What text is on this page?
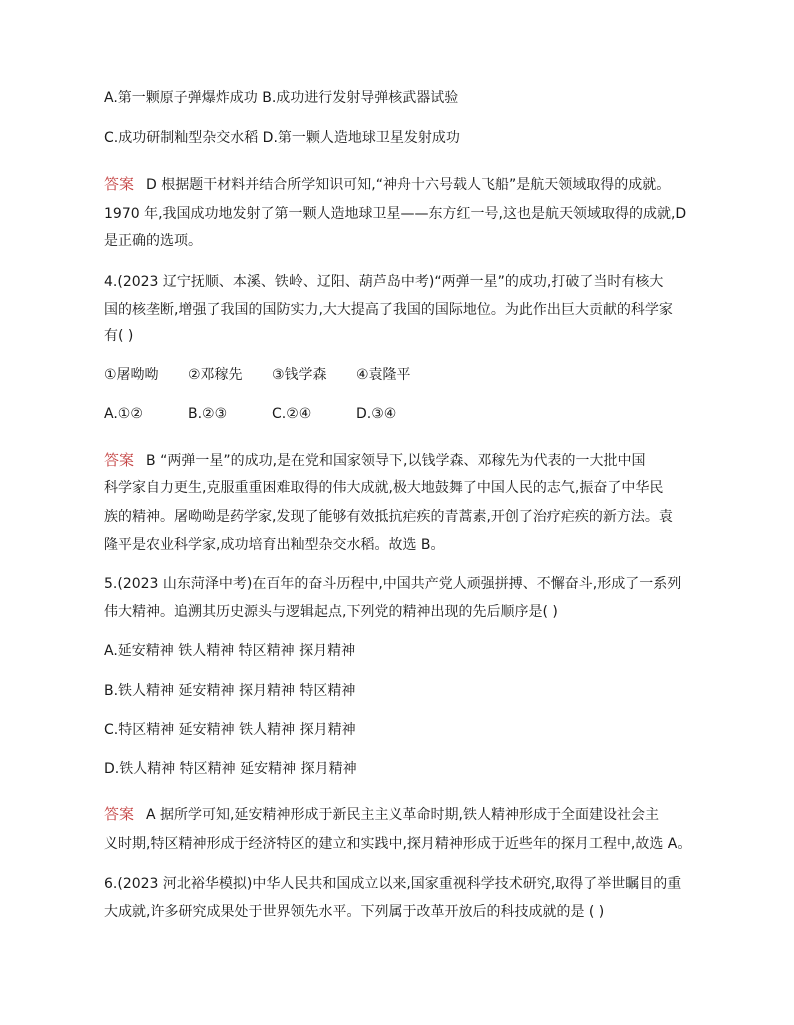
A.第一颗原子弹爆炸成功 B.成功进行发射导弹核武器试验
C.成功研制籼型杂交水稻 D.第一颗人造地球卫星发射成功
答案 D 根据题干材料并结合所学知识可知,“神舟十六号载人飞船”是航天领域取得的成就。
1970 年,我国成功地发射了第一颗人造地球卫星——东方红一号,这也是航天领域取得的成就,D
是正确的选项。
4.(2023 辽宁抚顺、本溪、铁岭、辽阳、葫芦岛中考)“两弹一星”的成功,打破了当时有核大
国的核垄断,增强了我国的国防实力,大大提高了我国的国际地位。为此作出巨大贡献的科学家
有( )
①屠呦呦 ②邓稼先 ③钱学森 ④袁隆平
A.①②	B.②③	C.②④	D.③④
答案 B “两弹一星”的成功,是在党和国家领导下,以钱学森、邓稼先为代表的一大批中国
科学家自力更生,克服重重困难取得的伟大成就,极大地鼓舞了中国人民的志气,振奋了中华民
族的精神。屠呦呦是药学家,发现了能够有效抵抗疟疾的青蒿素,开创了治疗疟疾的新方法。袁
隆平是农业科学家,成功培育出籼型杂交水稻。故选 B。
5.(2023 山东菏泽中考)在百年的奋斗历程中,中国共产党人顽强拼搏、不懈奋斗,形成了一系列
伟大精神。追溯其历史源头与逻辑起点,下列党的精神出现的先后顺序是( )
A.延安精神 铁人精神 特区精神 探月精神
B.铁人精神 延安精神 探月精神 特区精神
C.特区精神 延安精神 铁人精神 探月精神
D.铁人精神 特区精神 延安精神 探月精神
答案 A 据所学可知,延安精神形成于新民主主义革命时期,铁人精神形成于全面建设社会主
义时期,特区精神形成于经济特区的建立和实践中,探月精神形成于近些年的探月工程中,故选 A。
6.(2023 河北裕华模拟)中华人民共和国成立以来,国家重视科学技术研究,取得了举世瞩目的重
大成就,许多研究成果处于世界领先水平。下列属于改革开放后的科技成就的是 ( )
